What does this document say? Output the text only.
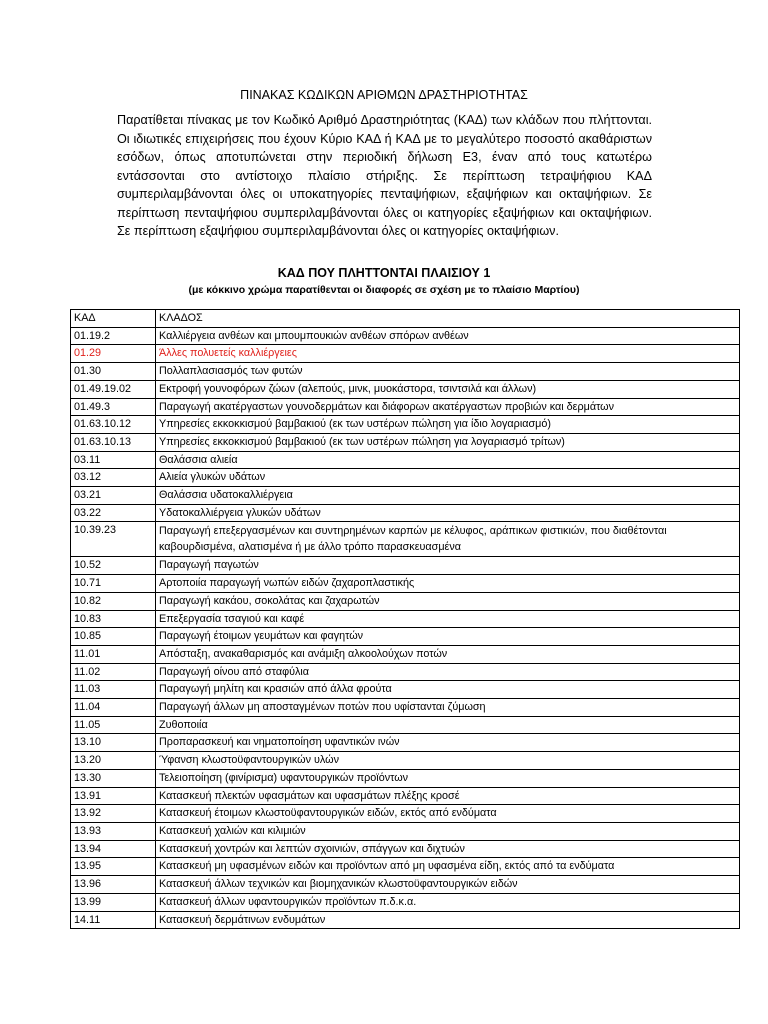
ΠΙΝΑΚΑΣ ΚΩΔΙΚΩΝ ΑΡΙΘΜΩΝ ΔΡΑΣΤΗΡΙΟΤΗΤΑΣ
Παρατίθεται πίνακας με τον Κωδικό Αριθμό Δραστηριότητας (ΚΑΔ) των κλάδων που πλήττονται. Οι ιδιωτικές επιχειρήσεις που έχουν Κύριο ΚΑΔ ή ΚΑΔ με το μεγαλύτερο ποσοστό ακαθάριστων εσόδων, όπως αποτυπώνεται στην περιοδική δήλωση Ε3, έναν από τους κατωτέρω εντάσσονται στο αντίστοιχο πλαίσιο στήριξης. Σε περίπτωση τετραψήφιου ΚΑΔ συμπεριλαμβάνονται όλες οι υποκατηγορίες πενταψήφιων, εξαψήφιων και οκταψήφιων. Σε περίπτωση πενταψήφιου συμπεριλαμβάνονται όλες οι κατηγορίες εξαψήφιων και οκταψήφιων. Σε περίπτωση εξαψήφιου συμπεριλαμβάνονται όλες οι κατηγορίες οκταψήφιων.
ΚΑΔ ΠΟΥ ΠΛΗΤΤΟΝΤΑΙ ΠΛΑΙΣΙΟΥ 1
(με κόκκινο χρώμα παρατίθενται οι διαφορές σε σχέση με το πλαίσιο Μαρτίου)
ΚΑΔ	ΚΛΑΔΟΣ
01.19.2	Καλλιέργεια ανθέων και μπουμπουκιών ανθέων σπόρων ανθέων
01.29	Άλλες πολυετείς καλλιέργειες
01.30	Πολλαπλασιασμός των φυτών
01.49.19.02	Εκτροφή γουνοφόρων ζώων (αλεπούς, μινκ, μυοκάστορα, τσιντσιλά και άλλων)
01.49.3	Παραγωγή ακατέργαστων γουνοδερμάτων και διάφορων ακατέργαστων προβιών και δερμάτων
01.63.10.12	Υπηρεσίες εκκοκκισμού βαμβακιού (εκ των υστέρων πώληση για ίδιο λογαριασμό)
01.63.10.13	Υπηρεσίες εκκοκκισμού βαμβακιού (εκ των υστέρων πώληση για λογαριασμό τρίτων)
03.11	Θαλάσσια αλιεία
03.12	Αλιεία γλυκών υδάτων
03.21	Θαλάσσια υδατοκαλλιέργεια
03.22	Υδατοκαλλιέργεια γλυκών υδάτων
10.39.23	Παραγωγή επεξεργασμένων και συντηρημένων καρπών με κέλυφος, αράπικων φιστικιών, που διαθέτονται καβουρδισμένα, αλατισμένα ή με άλλο τρόπο παρασκευασμένα
10.52	Παραγωγή παγωτών
10.71	Αρτοποιία παραγωγή νωπών ειδών ζαχαροπλαστικής
10.82	Παραγωγή κακάου, σοκολάτας και ζαχαρωτών
10.83	Επεξεργασία τσαγιού και καφέ
10.85	Παραγωγή έτοιμων γευμάτων και φαγητών
11.01	Απόσταξη, ανακαθαρισμός και ανάμιξη αλκοολούχων ποτών
11.02	Παραγωγή οίνου από σταφύλια
11.03	Παραγωγή μηλίτη και κρασιών από άλλα φρούτα
11.04	Παραγωγή άλλων μη αποσταγμένων ποτών που υφίστανται ζύμωση
11.05	Ζυθοποιία
13.10	Προπαρασκευή και νηματοποίηση υφαντικών ινών
13.20	Ύφανση κλωστοϋφαντουργικών υλών
13.30	Τελειοποίηση (φινίρισμα) υφαντουργικών προϊόντων
13.91	Κατασκευή πλεκτών υφασμάτων και υφασμάτων πλέξης κροσέ
13.92	Κατασκευή έτοιμων κλωστοϋφαντουργικών ειδών, εκτός από ενδύματα
13.93	Κατασκευή χαλιών και κιλιμιών
13.94	Κατασκευή χοντρών και λεπτών σχοινιών, σπάγγων και διχτυών
13.95	Κατασκευή μη υφασμένων ειδών και προϊόντων από μη υφασμένα είδη, εκτός από τα ενδύματα
13.96	Κατασκευή άλλων τεχνικών και βιομηχανικών κλωστοϋφαντουργικών ειδών
13.99	Κατασκευή άλλων υφαντουργικών προϊόντων π.δ.κ.α.
14.11	Κατασκευή δερμάτινων ενδυμάτων
